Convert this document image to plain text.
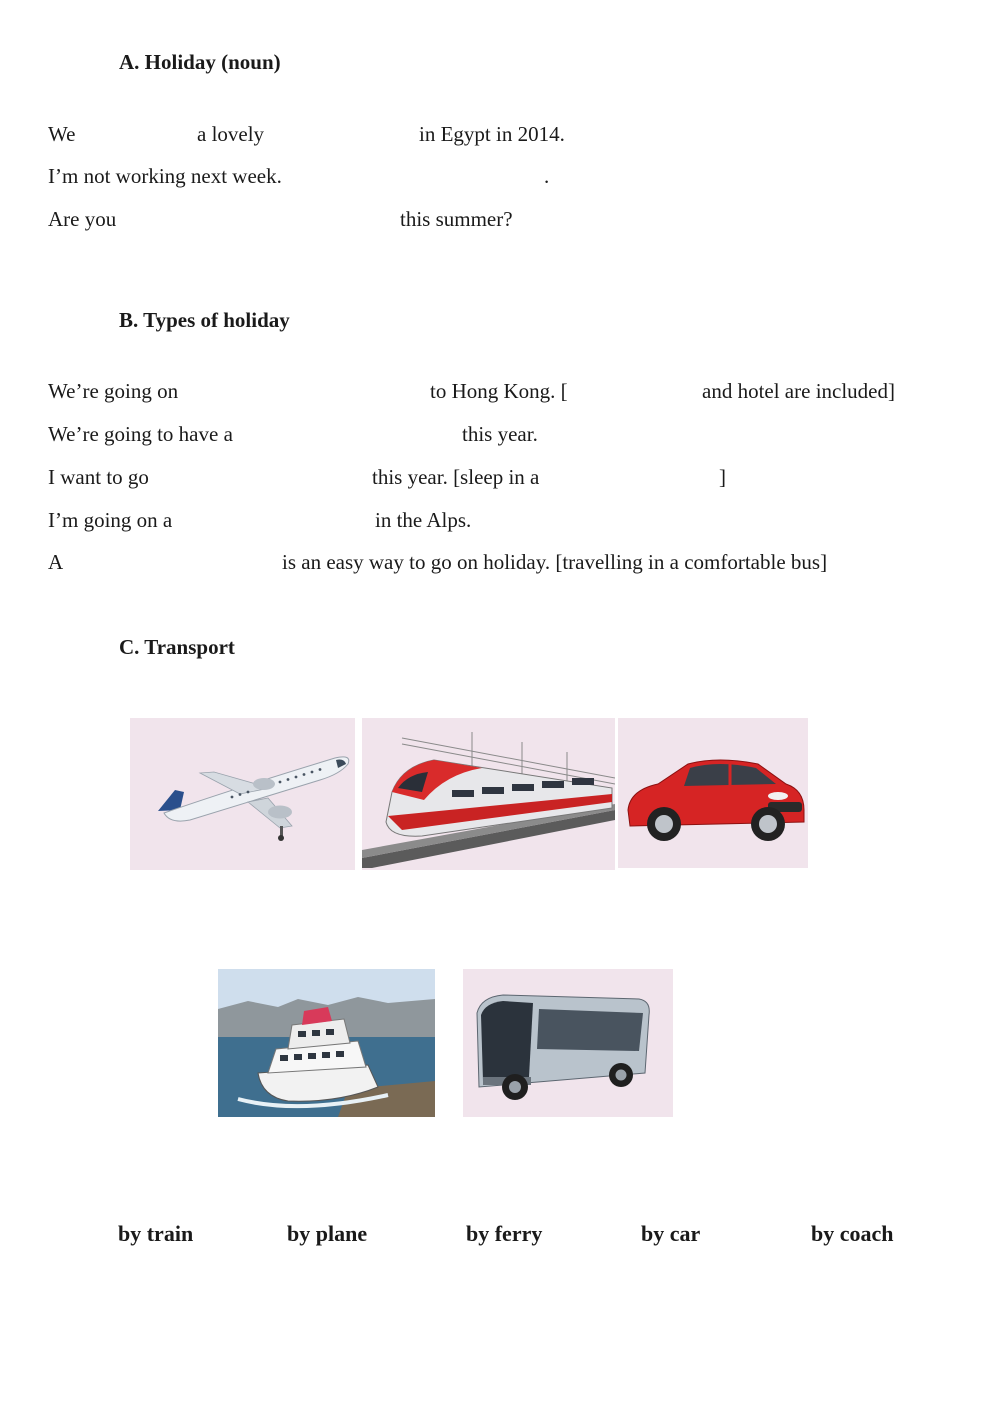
A. Holiday (noun)
We	a lovely	in Egypt in 2014.
I’m not working next week.	.
Are you	this summer?
B. Types of holiday
We’re going on	to Hong Kong. [	and hotel are included]
We’re going to have a	this year.
I want to go	this year. [sleep in a	]
I’m going on a	in the Alps.
A	is an easy way to go on holiday. [travelling in a comfortable bus]
C. Transport
by train	by plane	by ferry	by car	by coach
